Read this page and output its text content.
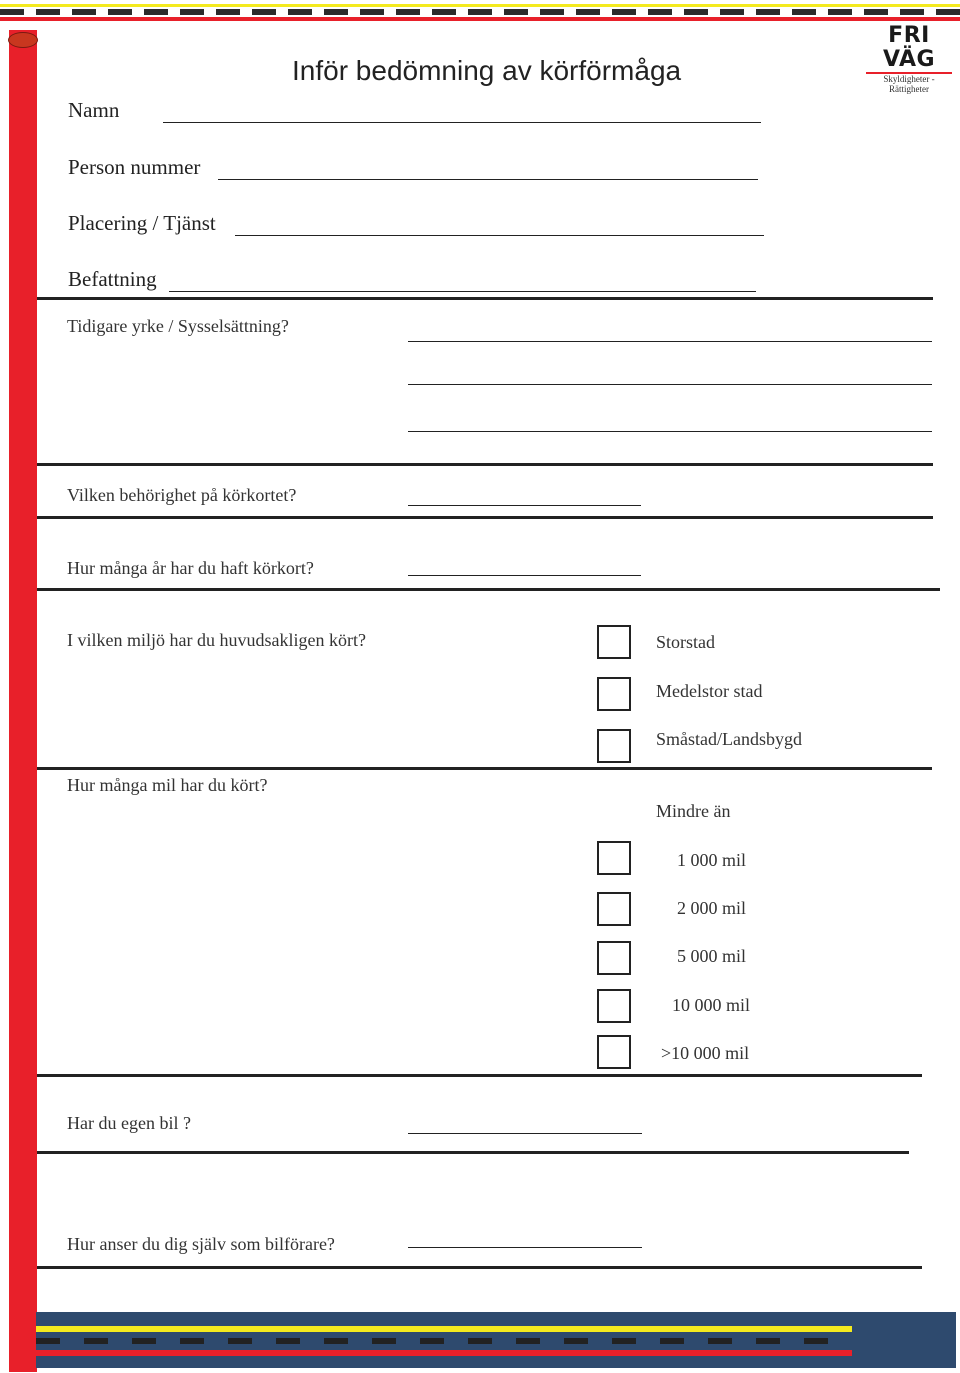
FRI VÄG
Skyldigheter - Rättigheter
Inför bedömning av körförmåga
Namn
Person nummer
Placering / Tjänst
Befattning
Tidigare yrke / Sysselsättning?
Vilken behörighet på körkortet?
Hur många år har du haft körkort?
I vilken miljö har du huvudsakligen kört?	Storstad
Medelstor stad
Småstad/Landsbygd
Hur många mil har du kört?
Mindre än
1 000 mil
2 000 mil
5 000 mil
10 000 mil
>10 000 mil
Har du egen bil ?
Hur anser du dig själv som bilförare?
